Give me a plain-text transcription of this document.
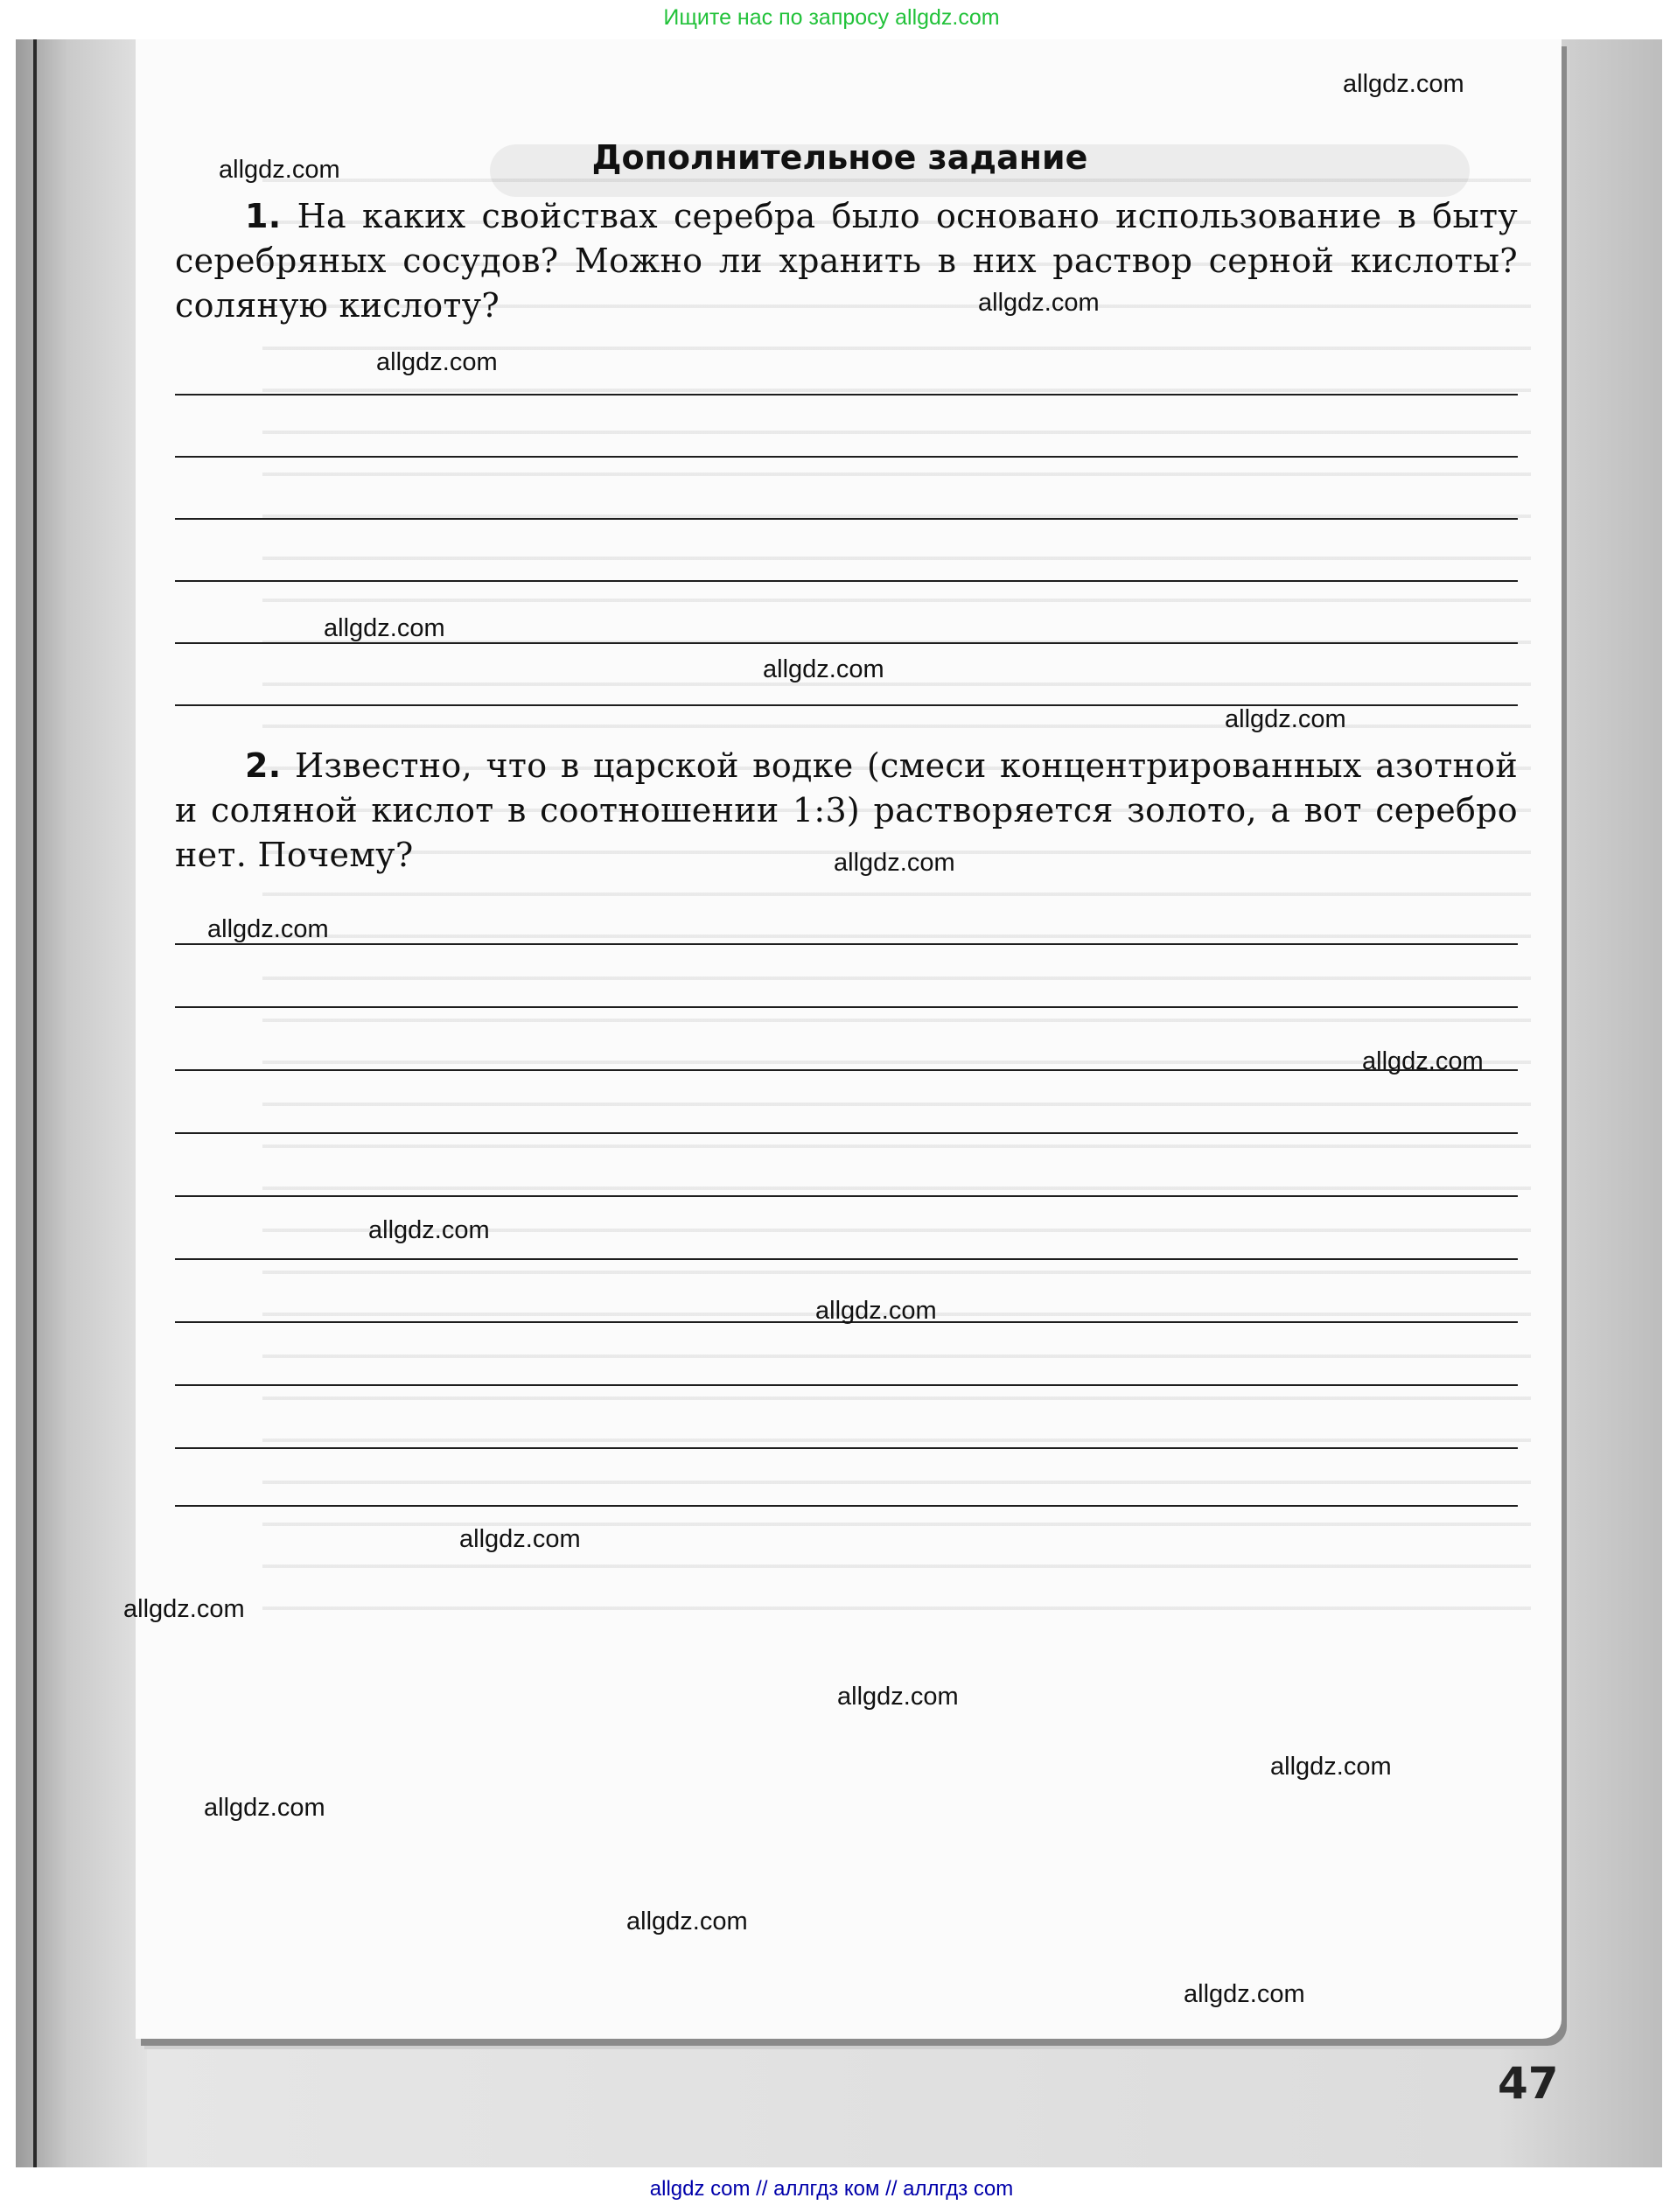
Ищите нас по запросу allgdz.com
Дополнительное задание
1. На каких свойствах серебра было основано использование в быту серебряных сосудов? Можно ли хранить в них раствор серной кислоты? соляную кислоту?
2. Известно, что в царской водке (смеси концентрированных азотной и соляной кислот в соотношении 1:3) растворяется золото, а вот серебро нет. Почему?
47
allgdz.com
allgdz.com
allgdz.com
allgdz.com
allgdz.com
allgdz.com
allgdz.com
allgdz.com
allgdz.com
allgdz.com
allgdz.com
allgdz.com
allgdz.com
allgdz.com
allgdz.com
allgdz.com
allgdz.com
allgdz.com
allgdz.com
allgdz com // аллгдз ком // аллгдз com
